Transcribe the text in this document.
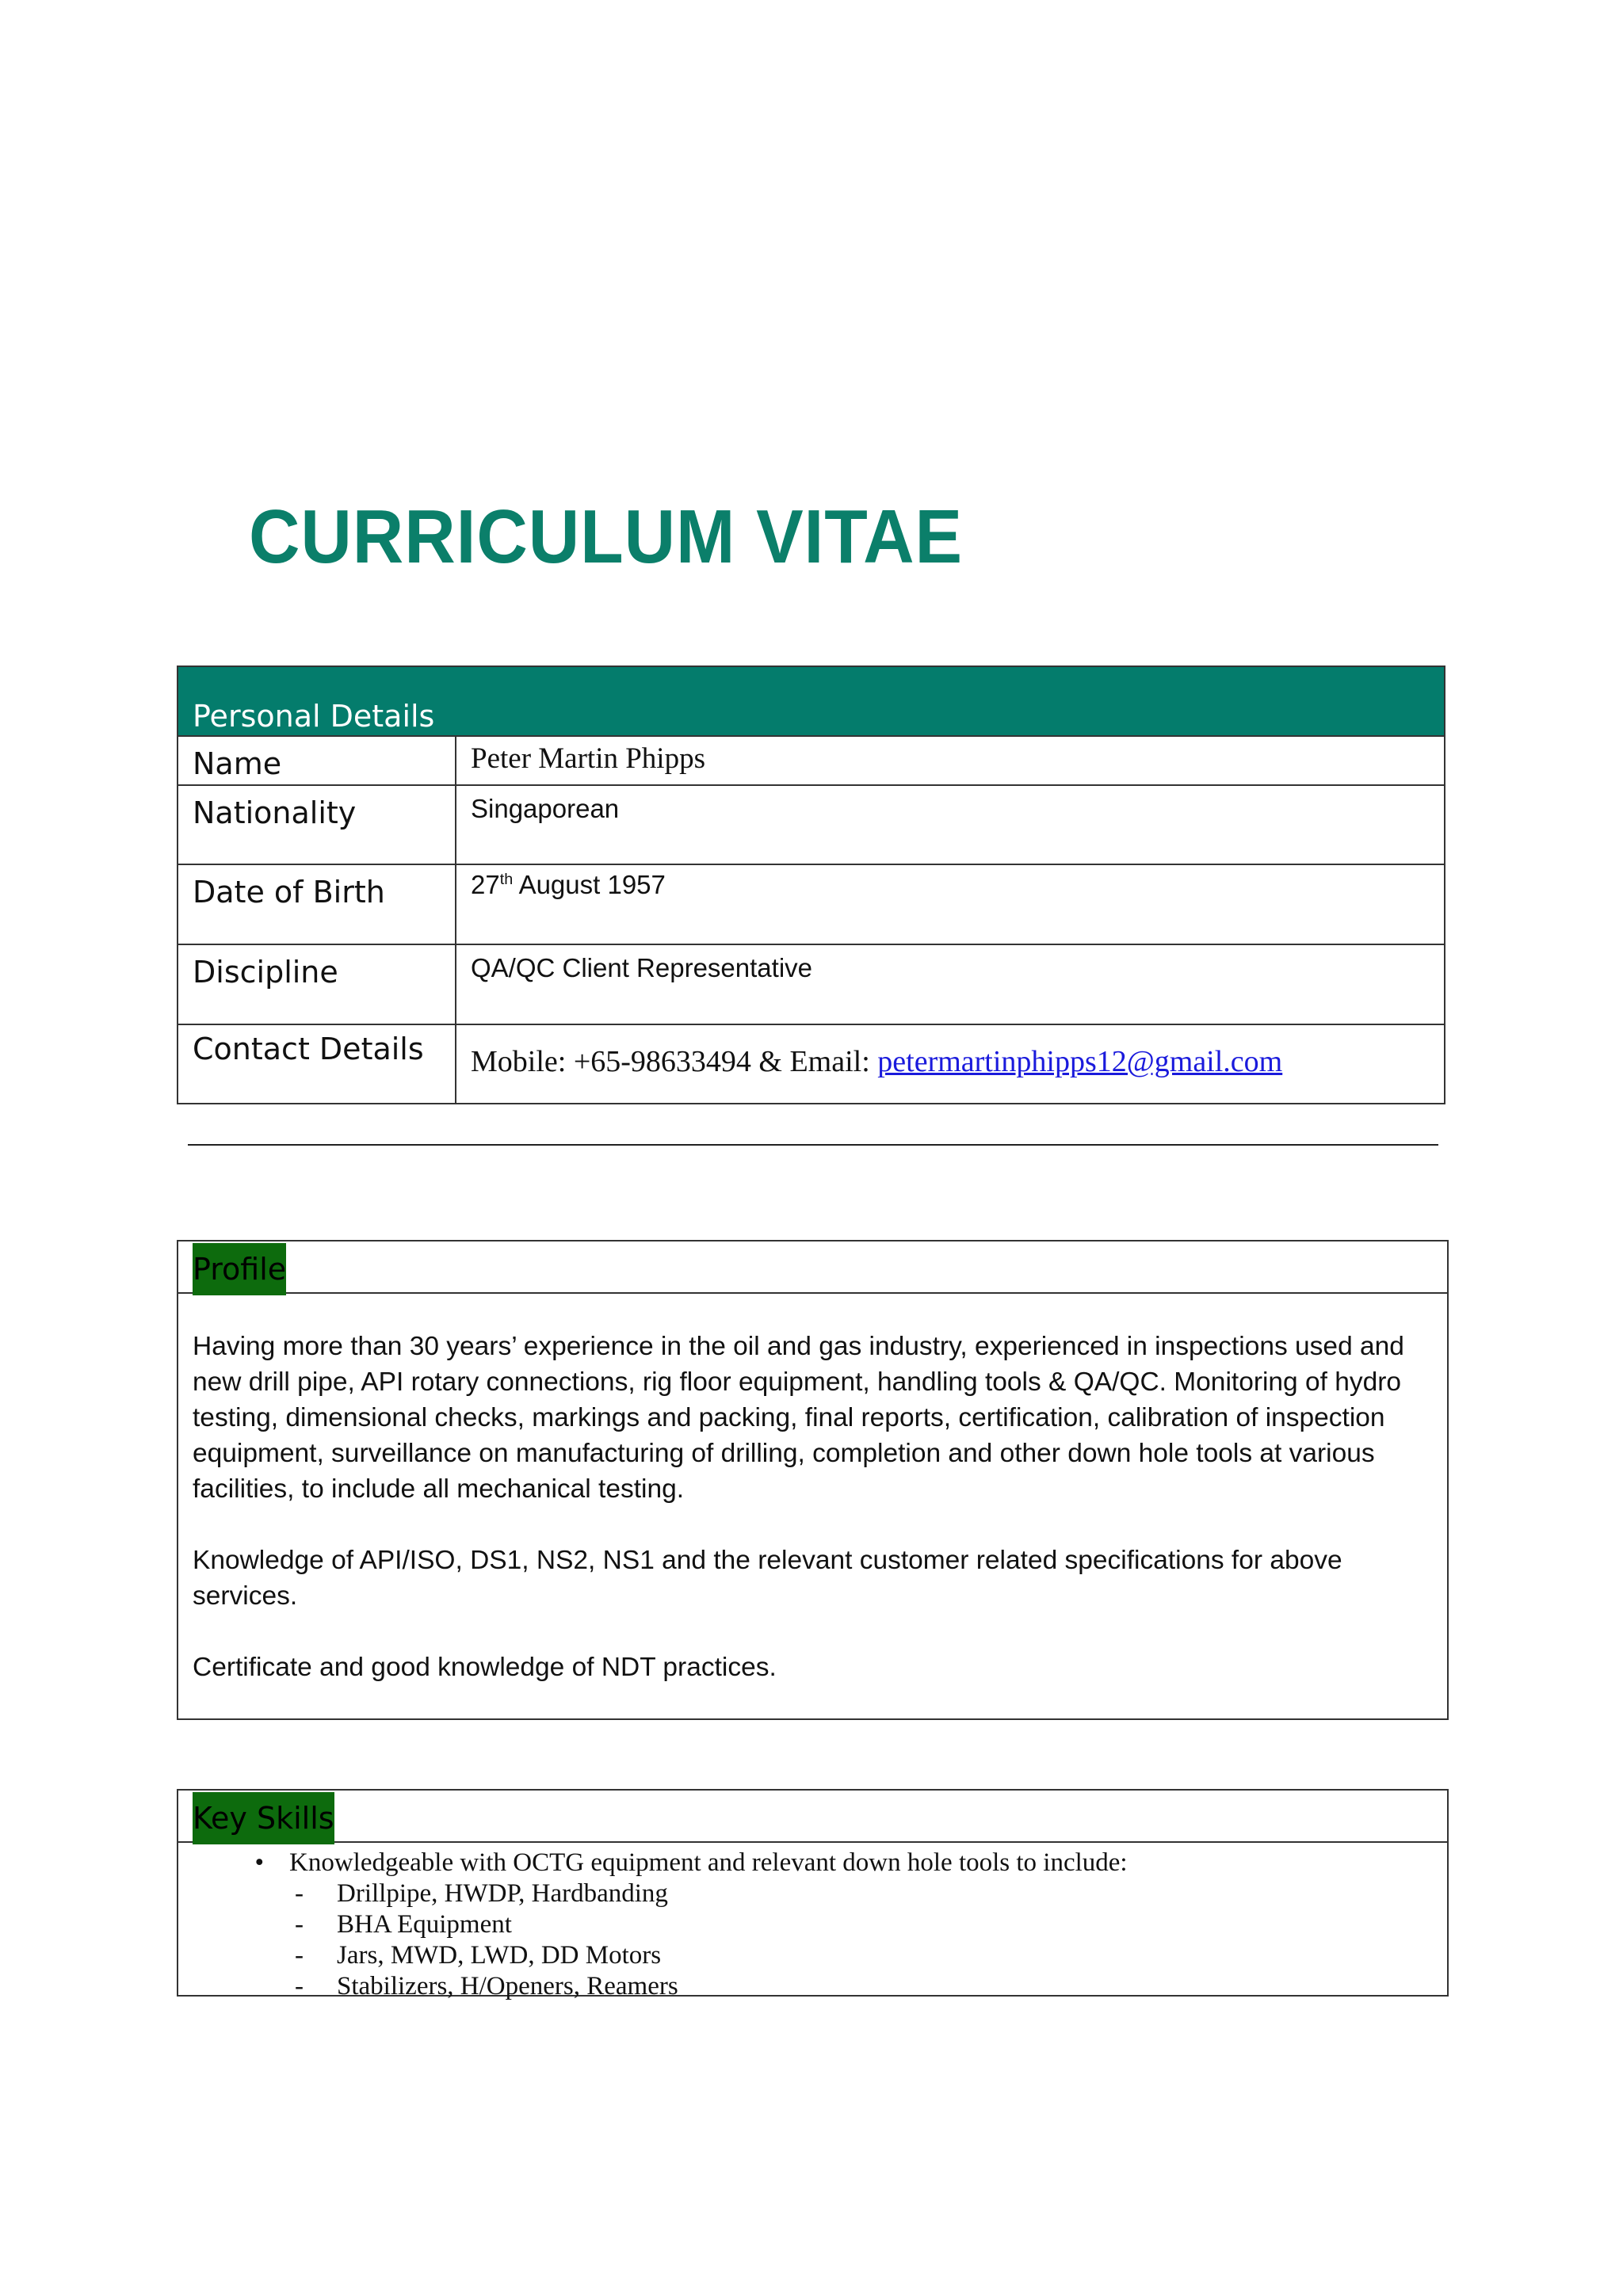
CURRICULUM VITAE
Personal Details
Name	Peter Martin Phipps
Nationality	Singaporean
Date of Birth	27th August 1957
Discipline	QA/QC Client Representative
Contact Details	Mobile: +65-98633494 & Email: petermartinphipps12@gmail.com
Profile

Having more than 30 years’ experience in the oil and gas industry, experienced in inspections used and new drill pipe, API rotary connections, rig floor equipment, handling tools & QA/QC. Monitoring of hydro testing, dimensional checks, markings and packing, final reports, certification, calibration of inspection equipment, surveillance on manufacturing of drilling, completion and other down hole tools at various facilities, to include all mechanical testing.

Knowledge of API/ISO, DS1, NS2, NS1 and the relevant customer related specifications for above services.

Certificate and good knowledge of NDT practices.

Key Skills
• Knowledgeable with OCTG equipment and relevant down hole tools to include:
-	Drillpipe, HWDP, Hardbanding
-	BHA Equipment
-	Jars, MWD, LWD, DD Motors
-	Stabilizers, H/Openers, Reamers
